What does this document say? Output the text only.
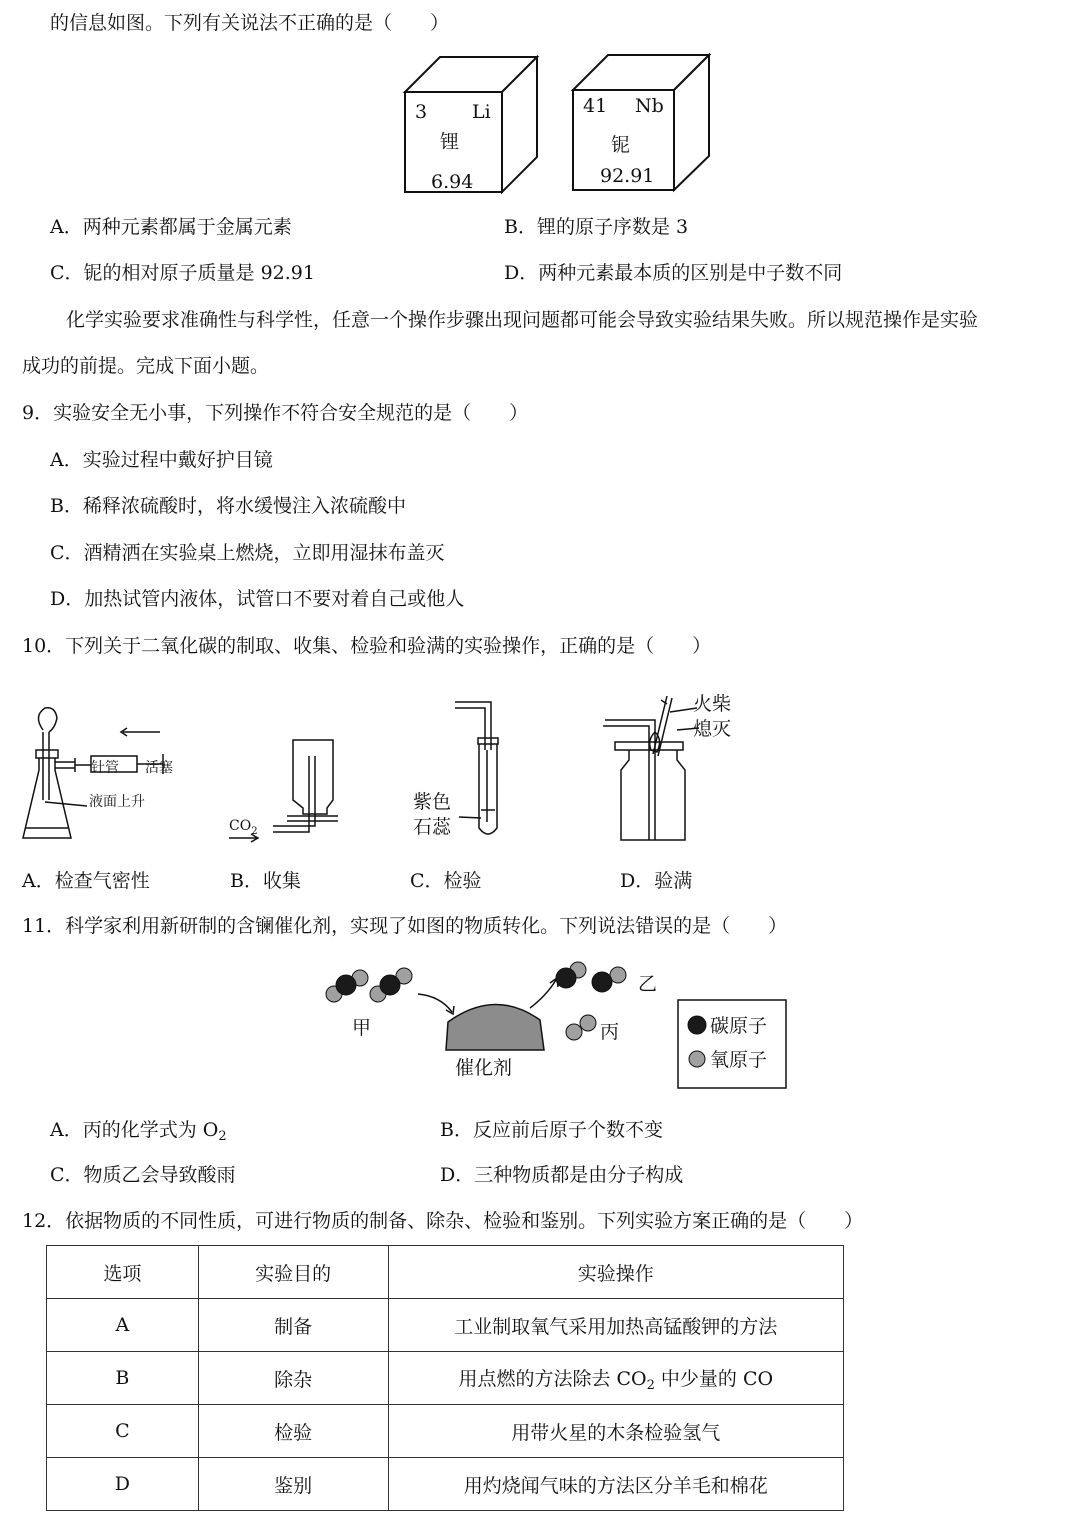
的信息如图。下列有关说法不正确的是（　　）
3 Li
锂
6.94
41 Nb
铌
92.91
A．两种元素都属于金属元素	B．锂的原子序数是 3
C．铌的相对原子质量是 92.91	D．两种元素最本质的区别是中子数不同
化学实验要求准确性与科学性，任意一个操作步骤出现问题都可能会导致实验结果失败。所以规范操作是实验
成功的前提。完成下面小题。
9．实验安全无小事，下列操作不符合安全规范的是（　　）
A．实验过程中戴好护目镜
B．稀释浓硫酸时，将水缓慢注入浓硫酸中
C．酒精洒在实验桌上燃烧，立即用湿抹布盖灭
D．加热试管内液体，试管口不要对着自己或他人
10．下列关于二氧化碳的制取、收集、检验和验满的实验操作，正确的是（　　）
针管 活塞
液面上升
$CO_2$
紫色
石蕊
火柴
熄灭
A．检查气密性	B．收集	C．检验	D．验满
11．科学家利用新研制的含镧催化剂，实现了如图的物质转化。下列说法错误的是（　　）
甲
催化剂
乙
丙	碳原子
氧原子
A．丙的化学式为 $O_2$	B．反应前后原子个数不变
C．物质乙会导致酸雨	D．三种物质都是由分子构成
12．依据物质的不同性质，可进行物质的制备、除杂、检验和鉴别。下列实验方案正确的是（　　）
选项	实验目的	实验操作
A	制备	工业制取氧气采用加热高锰酸钾的方法
B	除杂	用点燃的方法除去 $CO_2$ 中少量的 CO
C	检验	用带火星的木条检验氢气
D	鉴别	用灼烧闻气味的方法区分羊毛和棉花
